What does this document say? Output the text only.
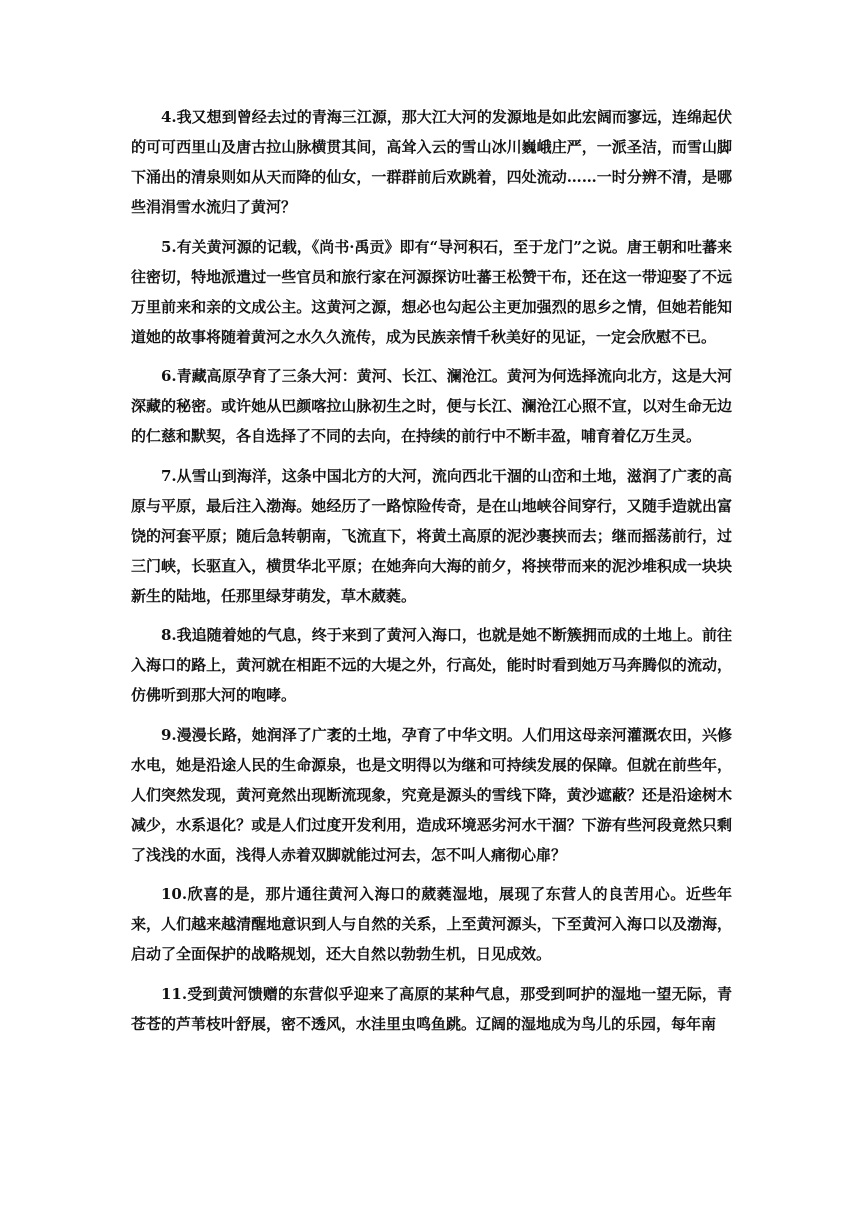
4.我又想到曾经去过的青海三江源，那大江大河的发源地是如此宏阔而寥远，连绵起伏的可可西里山及唐古拉山脉横贯其间，高耸入云的雪山冰川巍峨庄严，一派圣洁，而雪山脚下涌出的清泉则如从天而降的仙女，一群群前后欢跳着，四处流动……一时分辨不清，是哪些涓涓雪水流归了黄河？

5.有关黄河源的记载，《尚书·禹贡》即有“导河积石，至于龙门”之说。唐王朝和吐蕃来往密切，特地派遣过一些官员和旅行家在河源探访吐蕃王松赞干布，还在这一带迎娶了不远万里前来和亲的文成公主。这黄河之源，想必也勾起公主更加强烈的思乡之情，但她若能知道她的故事将随着黄河之水久久流传，成为民族亲情千秋美好的见证，一定会欣慰不已。

6.青藏高原孕育了三条大河：黄河、长江、澜沧江。黄河为何选择流向北方，这是大河深藏的秘密。或许她从巴颜喀拉山脉初生之时，便与长江、澜沧江心照不宣，以对生命无边的仁慈和默契，各自选择了不同的去向，在持续的前行中不断丰盈，哺育着亿万生灵。

7.从雪山到海洋，这条中国北方的大河，流向西北干涸的山峦和土地，滋润了广袤的高原与平原，最后注入渤海。她经历了一路惊险传奇，是在山地峡谷间穿行，又随手造就出富饶的河套平原；随后急转朝南，飞流直下，将黄土高原的泥沙裹挟而去；继而摇荡前行，过三门峡，长驱直入，横贯华北平原；在她奔向大海的前夕，将挟带而来的泥沙堆积成一块块新生的陆地，任那里绿芽萌发，草木葳蕤。

8.我追随着她的气息，终于来到了黄河入海口，也就是她不断簇拥而成的土地上。前往入海口的路上，黄河就在相距不远的大堤之外，行高处，能时时看到她万马奔腾似的流动，仿佛听到那大河的咆哮。

9.漫漫长路，她润泽了广袤的土地，孕育了中华文明。人们用这母亲河灌溉农田，兴修水电，她是沿途人民的生命源泉，也是文明得以为继和可持续发展的保障。但就在前些年，人们突然发现，黄河竟然出现断流现象，究竟是源头的雪线下降，黄沙遮蔽？还是沿途树木减少，水系退化？或是人们过度开发利用，造成环境恶劣河水干涸？下游有些河段竟然只剩了浅浅的水面，浅得人赤着双脚就能过河去，怎不叫人痛彻心扉？

10.欣喜的是，那片通往黄河入海口的葳蕤湿地，展现了东营人的良苦用心。近些年来，人们越来越清醒地意识到人与自然的关系，上至黄河源头，下至黄河入海口以及渤海，启动了全面保护的战略规划，还大自然以勃勃生机，日见成效。

11.受到黄河馈赠的东营似乎迎来了高原的某种气息，那受到呵护的湿地一望无际，青苍苍的芦苇枝叶舒展，密不透风，水洼里虫鸣鱼跳。辽阔的湿地成为鸟儿的乐园，每年南
